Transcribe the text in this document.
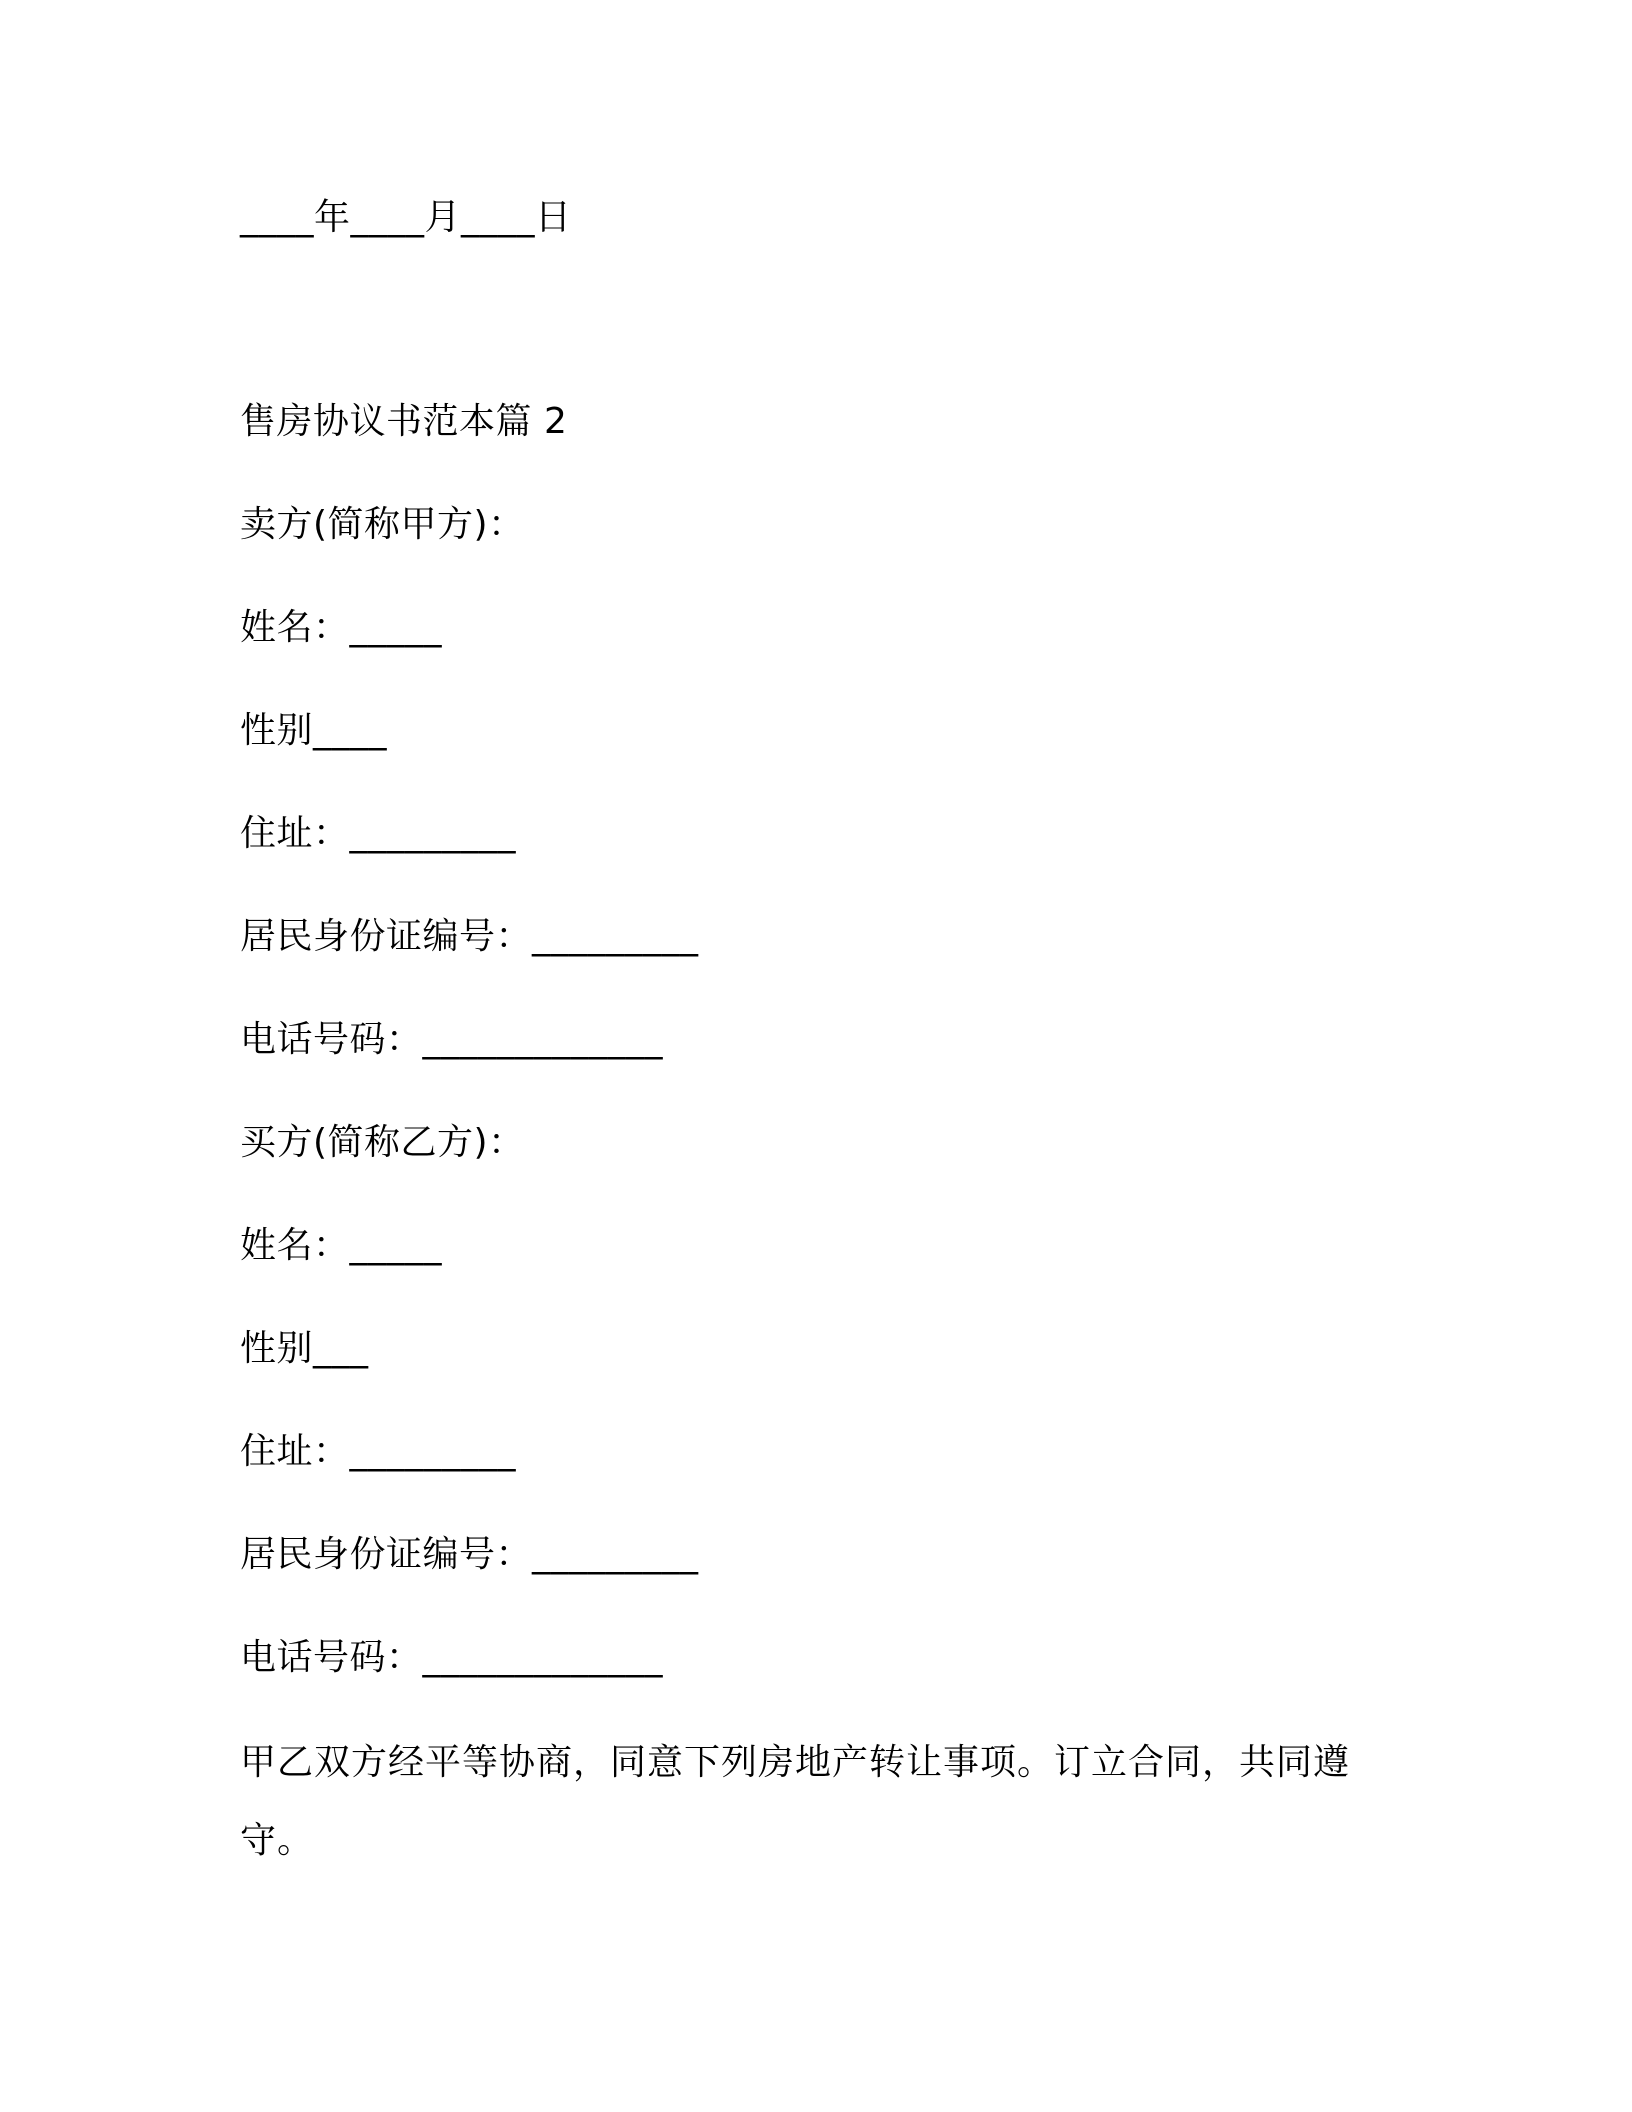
____年____月____日
售房协议书范本篇 2
卖方(简称甲方)：
姓名：_____
性别____
住址：_________
居民身份证编号：_________
电话号码：_____________
买方(简称乙方)：
姓名：_____
性别___
住址：_________
居民身份证编号：_________
电话号码：_____________
甲乙双方经平等协商，同意下列房地产转让事项。订立合同，共同遵守。
